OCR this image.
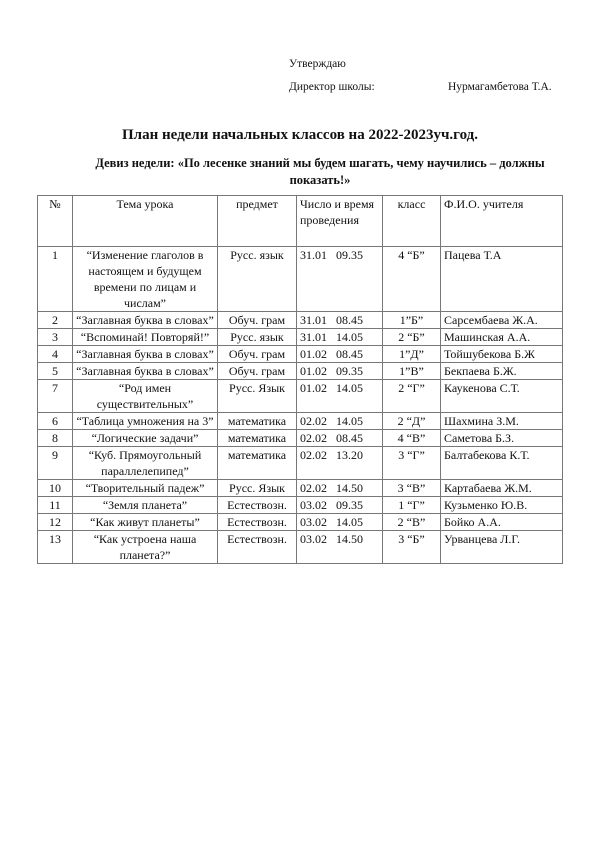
Утверждаю
Директор школы:	Нурмагамбетова Т.А.
План недели начальных классов на 2022-2023уч.год.
Девиз недели: «По лесенке знаний мы будем шагать, чему научились – должны показать!»
№	Тема урока	предмет	Число и время проведения	класс	Ф.И.О. учителя
1	“Изменение глаголов в настоящем и будущем времени по лицам и числам”	Русс. язык	31.01 09.35	4 “Б”	Пацева Т.А
2	“Заглавная буква в словах”	Обуч. грам	31.01 08.45	1”Б”	Сарсембаева Ж.А.
3	“Вспоминай! Повторяй!”	Русс. язык	31.01 14.05	2 “Б”	Машинская А.А.
4	“Заглавная буква в словах”	Обуч. грам	01.02 08.45	1”Д”	Тойшубекова Б.Ж
5	“Заглавная буква в словах”	Обуч. грам	01.02 09.35	1”В”	Бекпаева Б.Ж.
7	“Род имен существительных”	Русс. Язык	01.02 14.05	2 “Г”	Каукенова С.Т.
6	“Таблица умножения на 3”	математика	02.02 14.05	2 “Д”	Шахмина З.М.
8	“Логические задачи”	математика	02.02 08.45	4 “В”	Саметова Б.З.
9	“Куб. Прямоугольный параллелепипед”	математика	02.02 13.20	3 “Г”	Балтабекова К.Т.
10	“Творительный падеж”	Русс. Язык	02.02 14.50	3 “В”	Картабаева Ж.М.
11	“Земля планета”	Естествозн.	03.02 09.35	1 “Г”	Кузьменко Ю.В.
12	“Как живут планеты”	Естествозн.	03.02 14.05	2 “В”	Бойко А.А.
13	“Как устроена наша планета?”	Естествозн.	03.02 14.50	3 “Б”	Урванцева Л.Г.
